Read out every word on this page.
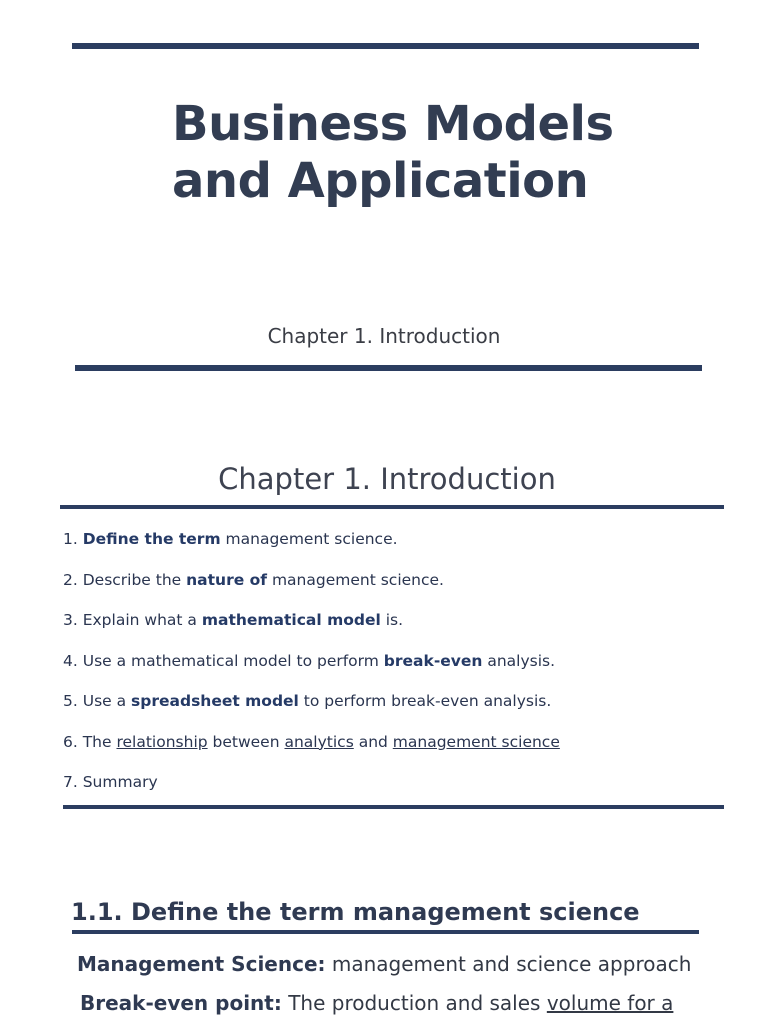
Business Models
and Application
Chapter 1. Introduction
Chapter 1. Introduction
1. Define the term management science.
2. Describe the nature of management science.
3. Explain what a mathematical model is.
4. Use a mathematical model to perform break-even analysis.
5. Use a spreadsheet model to perform break-even analysis.
6. The relationship between analytics and management science
7. Summary
1.1. Define the term management science
Management Science: management and science approach
Break-even point: The production and sales volume for a
